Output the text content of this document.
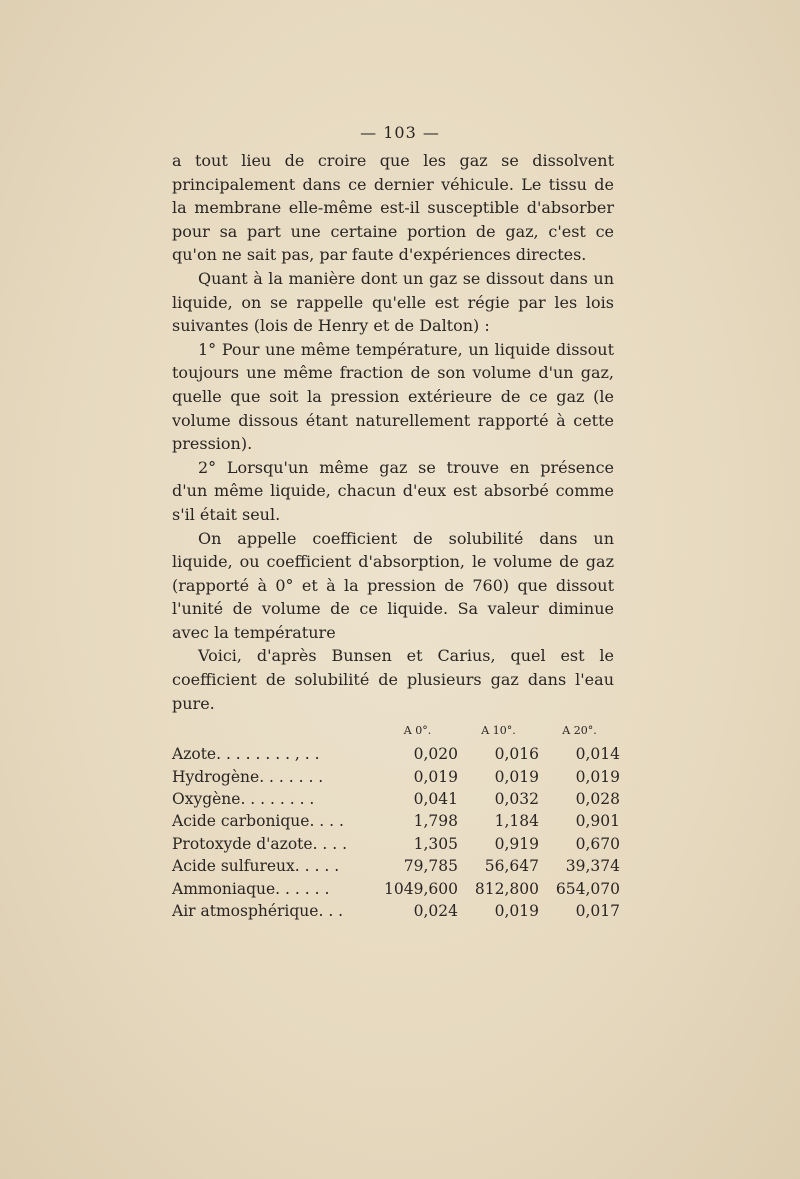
— 103 —

a tout lieu de croire que les gaz se dissolvent principalement dans ce dernier véhicule. Le tissu de la membrane elle-même est-il susceptible d'absorber pour sa part une certaine portion de gaz, c'est ce qu'on ne sait pas, par faute d'expériences directes.

Quant à la manière dont un gaz se dissout dans un liquide, on se rappelle qu'elle est régie par les lois suivantes (lois de Henry et de Dalton) :

1° Pour une même température, un liquide dissout toujours une même fraction de son volume d'un gaz, quelle que soit la pression extérieure de ce gaz (le volume dissous étant naturellement rapporté à cette pression).

2° Lorsqu'un même gaz se trouve en présence d'un même liquide, chacun d'eux est absorbé comme s'il était seul.

On appelle coefficient de solubilité dans un liquide, ou coefficient d'absorption, le volume de gaz (rapporté à 0° et à la pression de 760) que dissout l'unité de volume de ce liquide. Sa valeur diminue avec la température

Voici, d'après Bunsen et Carius, quel est le coefficient de solubilité de plusieurs gaz dans l'eau pure.

	A 0°.	A 10°.	A 20°.
Azote. . . . . . . . , . .	0,020	0,016	0,014
Hydrogène. . . . . . .	0,019	0,019	0,019
Oxygène. . . . . . . .	0,041	0,032	0,028
Acide carbonique. . . .	1,798	1,184	0,901
Protoxyde d'azote. . . .	1,305	0,919	0,670
Acide sulfureux. . . . .	79,785	56,647	39,374
Ammoniaque. . . . . .	1049,600	812,800	654,070
Air atmosphérique. . .	0,024	0,019	0,017
